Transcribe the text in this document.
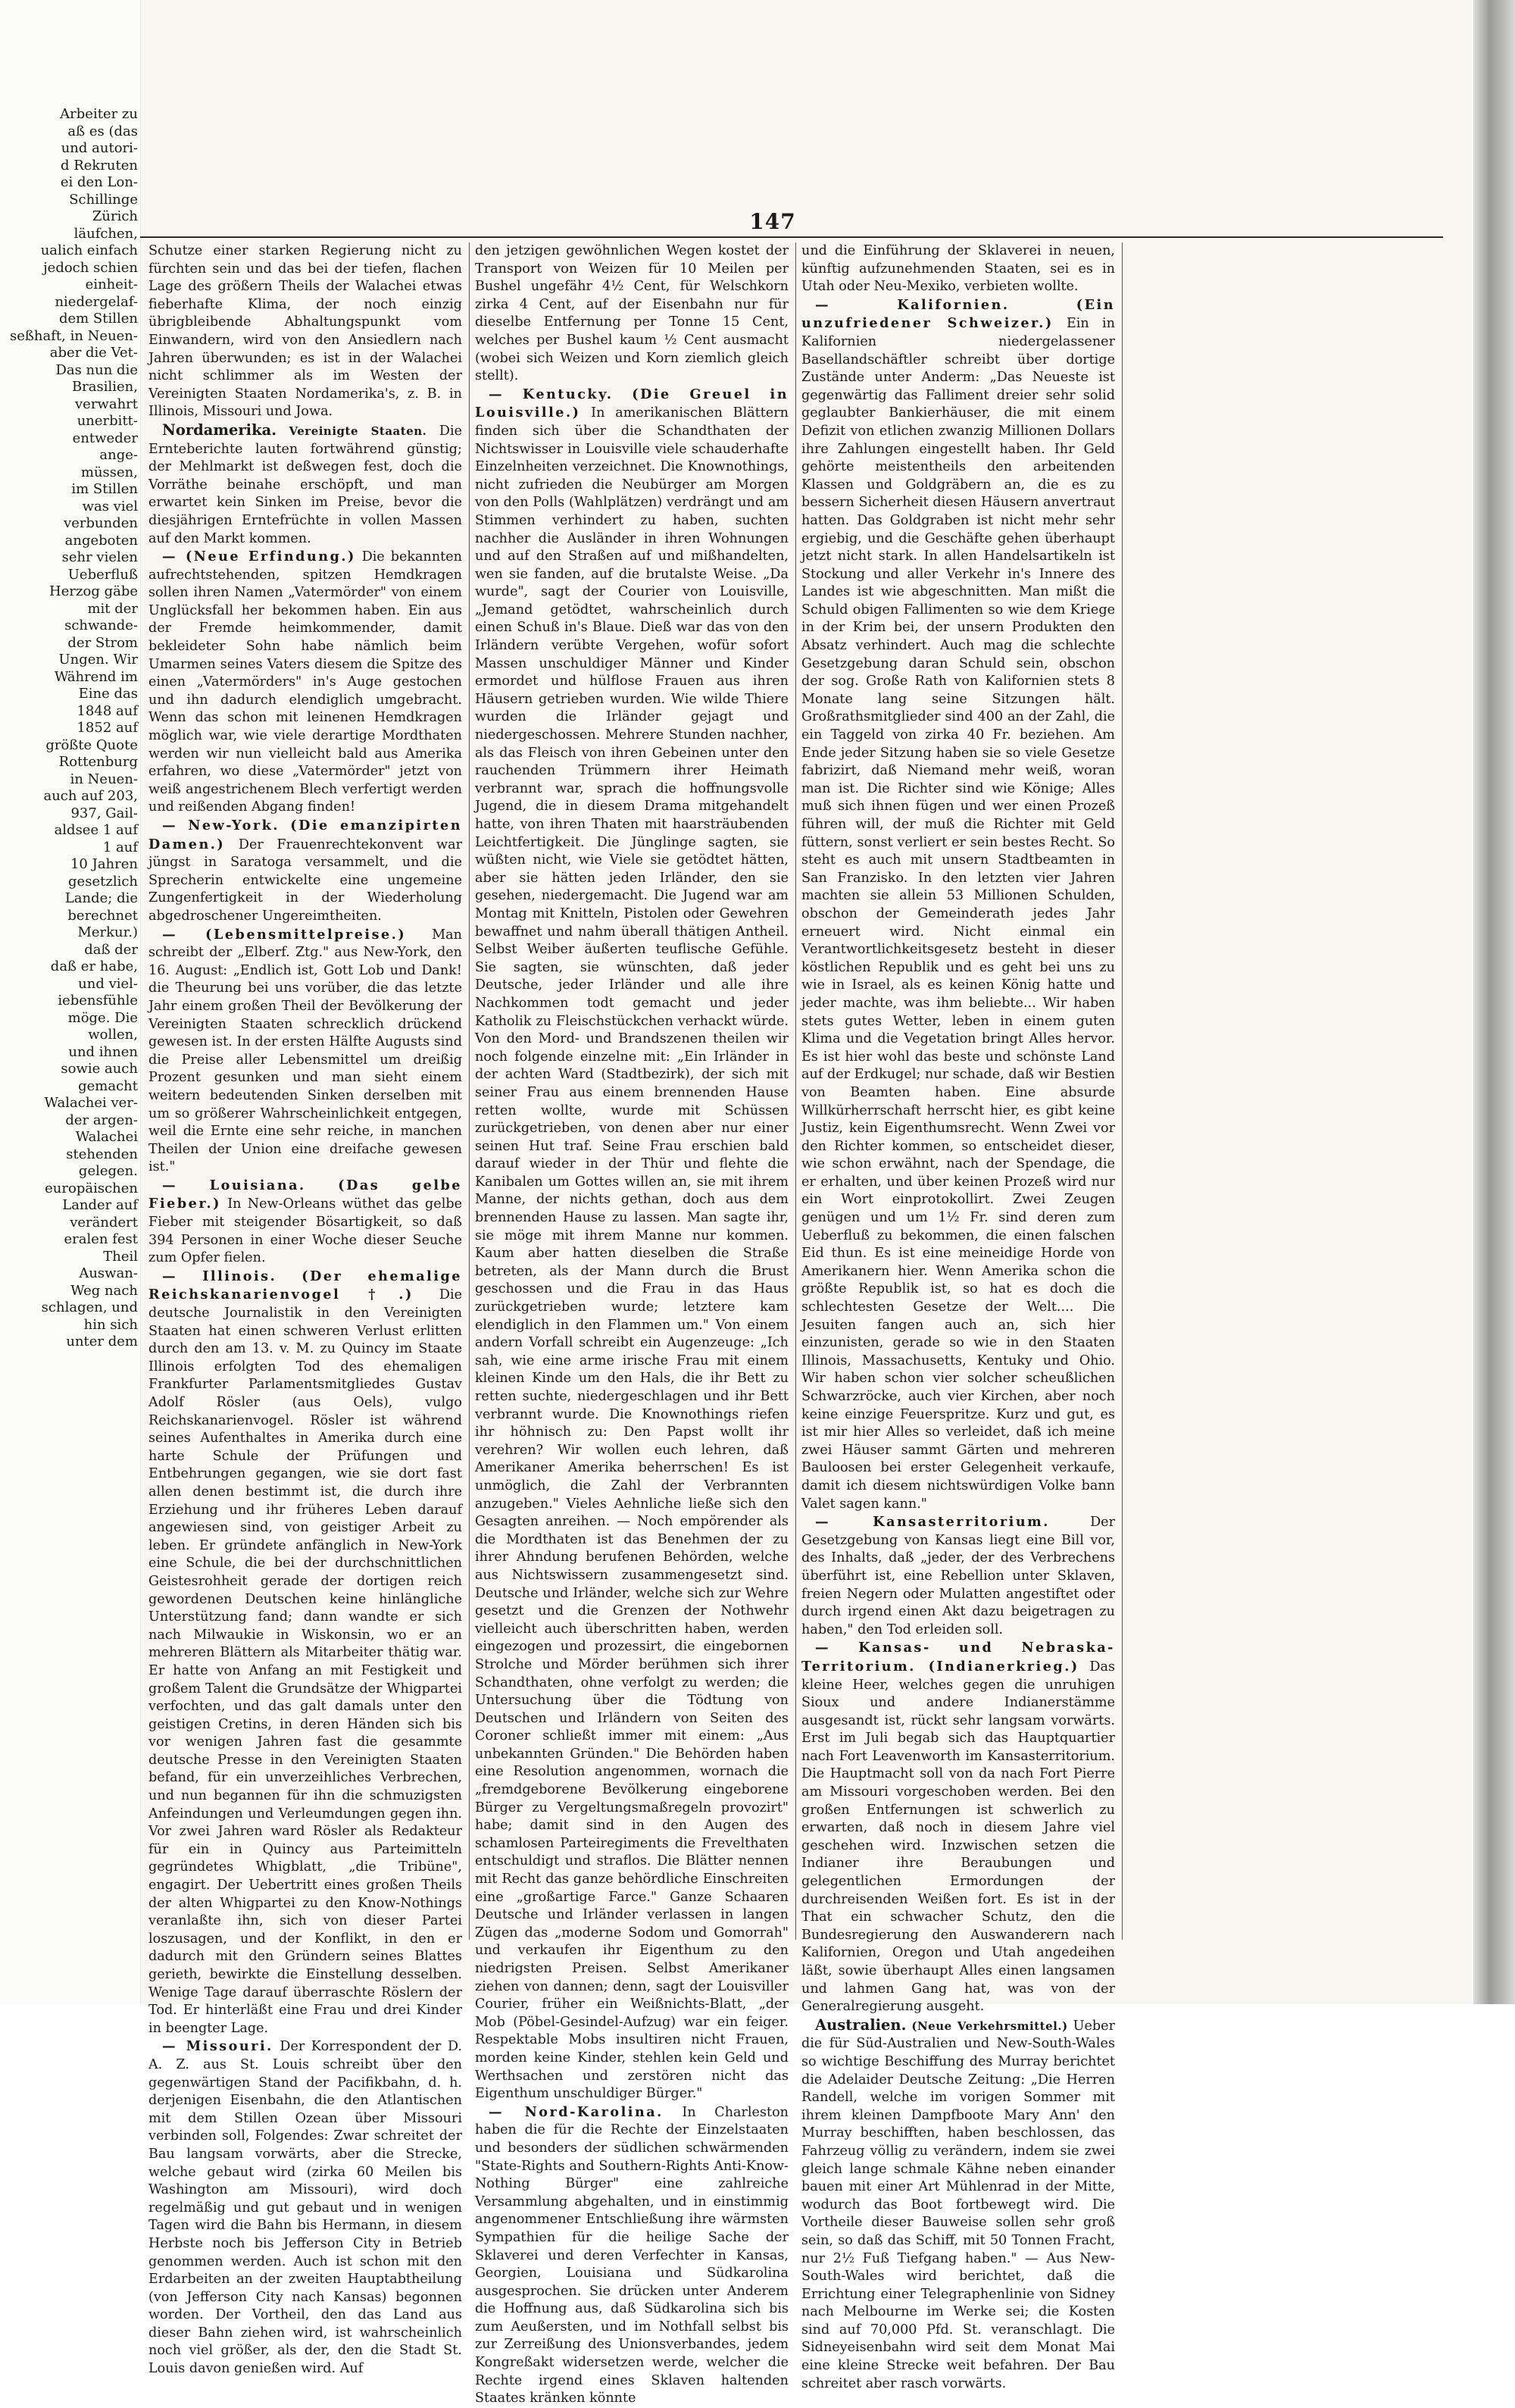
Arbeiter zu
aß es (das
und autori-
d Rekruten
ei den Lon-
Schillinge
Zürich
läufchen,
ualich einfach
jedoch schien
einheit-
niedergelaf-
dem Stillen
seßhaft, in Neuen-
aber die Vet-
Das nun die
Brasilien,
verwahrt
unerbitt-
entweder
ange-
müssen,
im Stillen
was viel
verbunden
angeboten
sehr vielen Ueberfluß
Herzog gäbe
mit der
schwande-
der Strom
Ungen. Wir
Während im
Eine das
1848 auf
1852 auf
größte Quote
Rottenburg
in Neuen-
auch auf 203,
937, Gail-
aldsee 1 auf
1 auf
10 Jahren
gesetzlich
Lande; die
berechnet
Merkur.)
daß der
daß er habe,
und viel-
iebensfühle
möge. Die
wollen,
und ihnen
sowie auch
gemacht
Walachei ver-
der argen-
Walachei
stehenden
gelegen.
europäischen
Lander auf
verändert
eralen fest
Theil
Auswan-
Weg nach
schlagen, und
hin sich
unter dem
147

Schutze einer starken Regierung nicht zu fürchten sein und das bei der tiefen, flachen Lage des größern Theils der Walachei etwas fieberhafte Klima, der noch einzig übrigbleibende Abhaltungspunkt vom Einwandern, wird von den Ansiedlern nach Jahren überwunden; es ist in der Walachei nicht schlimmer als im Westen der Vereinigten Staaten Nordamerika's, z. B. in Illinois, Missouri und Jowa.

Nordamerika. Vereinigte Staaten. Die Ernteberichte lauten fortwährend günstig; der Mehlmarkt ist deßwegen fest, doch die Vorräthe beinahe erschöpft, und man erwartet kein Sinken im Preise, bevor die diesjährigen Erntefrüchte in vollen Massen auf den Markt kommen.

— (Neue Erfindung.) Die bekannten aufrechtstehenden, spitzen Hemdkragen sollen ihren Namen „Vatermörder" von einem Unglücksfall her bekommen haben. Ein aus der Fremde heimkommender, damit bekleideter Sohn habe nämlich beim Umarmen seines Vaters diesem die Spitze des einen „Vatermörders" in's Auge gestochen und ihn dadurch elendiglich umgebracht. Wenn das schon mit leinenen Hemdkragen möglich war, wie viele derartige Mordthaten werden wir nun vielleicht bald aus Amerika erfahren, wo diese „Vatermörder" jetzt von weiß angestrichenem Blech verfertigt werden und reißenden Abgang finden!

— New-York. (Die emanzipirten Damen.) Der Frauenrechtekonvent war jüngst in Saratoga versammelt, und die Sprecherin entwickelte eine ungemeine Zungenfertigkeit in der Wiederholung abgedroschener Ungereimtheiten.

— (Lebensmittelpreise.) Man schreibt der „Elberf. Ztg." aus New-York, den 16. August: „Endlich ist, Gott Lob und Dank! die Theurung bei uns vorüber, die das letzte Jahr einem großen Theil der Bevölkerung der Vereinigten Staaten schrecklich drückend gewesen ist. In der ersten Hälfte Augusts sind die Preise aller Lebensmittel um dreißig Prozent gesunken und man sieht einem weitern bedeutenden Sinken derselben mit um so größerer Wahrscheinlichkeit entgegen, weil die Ernte eine sehr reiche, in manchen Theilen der Union eine dreifache gewesen ist."

— Louisiana. (Das gelbe Fieber.) In New-Orleans wüthet das gelbe Fieber mit steigender Bösartigkeit, so daß 394 Personen in einer Woche dieser Seuche zum Opfer fielen.

— Illinois. (Der ehemalige Reichskanarienvogel †.) Die deutsche Journalistik in den Vereinigten Staaten hat einen schweren Verlust erlitten durch den am 13. v. M. zu Quincy im Staate Illinois erfolgten Tod des ehemaligen Frankfurter Parlamentsmitgliedes Gustav Adolf Rösler (aus Oels), vulgo Reichskanarienvogel. Rösler ist während seines Aufenthaltes in Amerika durch eine harte Schule der Prüfungen und Entbehrungen gegangen, wie sie dort fast allen denen bestimmt ist, die durch ihre Erziehung und ihr früheres Leben darauf angewiesen sind, von geistiger Arbeit zu leben. Er gründete anfänglich in New-York eine Schule, die bei der durchschnittlichen Geistesrohheit gerade der dortigen reich gewordenen Deutschen keine hinlängliche Unterstützung fand; dann wandte er sich nach Milwaukie in Wiskonsin, wo er an mehreren Blättern als Mitarbeiter thätig war. Er hatte von Anfang an mit Festigkeit und großem Talent die Grundsätze der Whigpartei verfochten, und das galt damals unter den geistigen Cretins, in deren Händen sich bis vor wenigen Jahren fast die gesammte deutsche Presse in den Vereinigten Staaten befand, für ein unverzeihliches Verbrechen, und nun begannen für ihn die schmuzigsten Anfeindungen und Verleumdungen gegen ihn. Vor zwei Jahren ward Rösler als Redakteur für ein in Quincy aus Parteimitteln gegründetes Whigblatt, „die Tribüne", engagirt. Der Uebertritt eines großen Theils der alten Whigpartei zu den Know-Nothings veranlaßte ihn, sich von dieser Partei loszusagen, und der Konflikt, in den er dadurch mit den Gründern seines Blattes gerieth, bewirkte die Einstellung desselben. Wenige Tage darauf überraschte Röslern der Tod. Er hinterläßt eine Frau und drei Kinder in beengter Lage.

— Missouri. Der Korrespondent der D. A. Z. aus St. Louis schreibt über den gegenwärtigen Stand der Pacifikbahn, d. h. derjenigen Eisenbahn, die den Atlantischen mit dem Stillen Ozean über Missouri verbinden soll, Folgendes: Zwar schreitet der Bau langsam vorwärts, aber die Strecke, welche gebaut wird (zirka 60 Meilen bis Washington am Missouri), wird doch regelmäßig und gut gebaut und in wenigen Tagen wird die Bahn bis Hermann, in diesem Herbste noch bis Jefferson City in Betrieb genommen werden. Auch ist schon mit den Erdarbeiten an der zweiten Hauptabtheilung (von Jefferson City nach Kansas) begonnen worden. Der Vortheil, den das Land aus dieser Bahn ziehen wird, ist wahrscheinlich noch viel größer, als der, den die Stadt St. Louis davon genießen wird. Auf

den jetzigen gewöhnlichen Wegen kostet der Transport von Weizen für 10 Meilen per Bushel ungefähr 4½ Cent, für Welschkorn zirka 4 Cent, auf der Eisenbahn nur für dieselbe Entfernung per Tonne 15 Cent, welches per Bushel kaum ½ Cent ausmacht (wobei sich Weizen und Korn ziemlich gleich stellt).

— Kentucky. (Die Greuel in Louisville.) In amerikanischen Blättern finden sich über die Schandthaten der Nichtswisser in Louisville viele schauderhafte Einzelnheiten verzeichnet. Die Knownothings, nicht zufrieden die Neubürger am Morgen von den Polls (Wahlplätzen) verdrängt und am Stimmen verhindert zu haben, suchten nachher die Ausländer in ihren Wohnungen und auf den Straßen auf und mißhandelten, wen sie fanden, auf die brutalste Weise. „Da wurde", sagt der Courier von Louisville, „Jemand getödtet, wahrscheinlich durch einen Schuß in's Blaue. Dieß war das von den Irländern verübte Vergehen, wofür sofort Massen unschuldiger Männer und Kinder ermordet und hülflose Frauen aus ihren Häusern getrieben wurden. Wie wilde Thiere wurden die Irländer gejagt und niedergeschossen. Mehrere Stunden nachher, als das Fleisch von ihren Gebeinen unter den rauchenden Trümmern ihrer Heimath verbrannt war, sprach die hoffnungsvolle Jugend, die in diesem Drama mitgehandelt hatte, von ihren Thaten mit haarsträubenden Leichtfertigkeit. Die Jünglinge sagten, sie wüßten nicht, wie Viele sie getödtet hätten, aber sie hätten jeden Irländer, den sie gesehen, niedergemacht. Die Jugend war am Montag mit Knitteln, Pistolen oder Gewehren bewaffnet und nahm überall thätigen Antheil. Selbst Weiber äußerten teuflische Gefühle. Sie sagten, sie wünschten, daß jeder Deutsche, jeder Irländer und alle ihre Nachkommen todt gemacht und jeder Katholik zu Fleischstückchen verhackt würde. Von den Mord- und Brandszenen theilen wir noch folgende einzelne mit: „Ein Irländer in der achten Ward (Stadtbezirk), der sich mit seiner Frau aus einem brennenden Hause retten wollte, wurde mit Schüssen zurückgetrieben, von denen aber nur einer seinen Hut traf. Seine Frau erschien bald darauf wieder in der Thür und flehte die Kanibalen um Gottes willen an, sie mit ihrem Manne, der nichts gethan, doch aus dem brennenden Hause zu lassen. Man sagte ihr, sie möge mit ihrem Manne nur kommen. Kaum aber hatten dieselben die Straße betreten, als der Mann durch die Brust geschossen und die Frau in das Haus zurückgetrieben wurde; letztere kam elendiglich in den Flammen um." Von einem andern Vorfall schreibt ein Augenzeuge: „Ich sah, wie eine arme irische Frau mit einem kleinen Kinde um den Hals, die ihr Bett zu retten suchte, niedergeschlagen und ihr Bett verbrannt wurde. Die Knownothings riefen ihr höhnisch zu: Den Papst wollt ihr verehren? Wir wollen euch lehren, daß Amerikaner Amerika beherrschen! Es ist unmöglich, die Zahl der Verbrannten anzugeben." Vieles Aehnliche ließe sich den Gesagten anreihen. — Noch empörender als die Mordthaten ist das Benehmen der zu ihrer Ahndung berufenen Behörden, welche aus Nichtswissern zusammengesetzt sind. Deutsche und Irländer, welche sich zur Wehre gesetzt und die Grenzen der Nothwehr vielleicht auch überschritten haben, werden eingezogen und prozessirt, die eingebornen Strolche und Mörder berühmen sich ihrer Schandthaten, ohne verfolgt zu werden; die Untersuchung über die Tödtung von Deutschen und Irländern von Seiten des Coroner schließt immer mit einem: „Aus unbekannten Gründen." Die Behörden haben eine Resolution angenommen, wornach die „fremdgeborene Bevölkerung eingeborene Bürger zu Vergeltungsmaßregeln provozirt" habe; damit sind in den Augen des schamlosen Parteiregiments die Frevelthaten entschuldigt und straflos. Die Blätter nennen mit Recht das ganze behördliche Einschreiten eine „großartige Farce." Ganze Schaaren Deutsche und Irländer verlassen in langen Zügen das „moderne Sodom und Gomorrah" und verkaufen ihr Eigenthum zu den niedrigsten Preisen. Selbst Amerikaner ziehen von dannen; denn, sagt der Louisviller Courier, früher ein Weißnichts-Blatt, „der Mob (Pöbel-Gesindel-Aufzug) war ein feiger. Respektable Mobs insultiren nicht Frauen, morden keine Kinder, stehlen kein Geld und Werthsachen und zerstören nicht das Eigenthum unschuldiger Bürger."

— Nord-Karolina. In Charleston haben die für die Rechte der Einzelstaaten und besonders der südlichen schwärmenden "State-Rights and Southern-Rights Anti-Know-Nothing Bürger" eine zahlreiche Versammlung abgehalten, und in einstimmig angenommener Entschließung ihre wärmsten Sympathien für die heilige Sache der Sklaverei und deren Verfechter in Kansas, Georgien, Louisiana und Südkarolina ausgesprochen. Sie drücken unter Anderem die Hoffnung aus, daß Südkarolina sich bis zum Aeußersten, und im Nothfall selbst bis zur Zerreißung des Unionsverbandes, jedem Kongreßakt widersetzen werde, welcher die Rechte irgend eines Sklaven haltenden Staates kränken könnte

und die Einführung der Sklaverei in neuen, künftig aufzunehmenden Staaten, sei es in Utah oder Neu-Mexiko, verbieten wollte.

— Kalifornien. (Ein unzufriedener Schweizer.) Ein in Kalifornien niedergelassener Basellandschäftler schreibt über dortige Zustände unter Anderm: „Das Neueste ist gegenwärtig das Falliment dreier sehr solid geglaubter Bankierhäuser, die mit einem Defizit von etlichen zwanzig Millionen Dollars ihre Zahlungen eingestellt haben. Ihr Geld gehörte meistentheils den arbeitenden Klassen und Goldgräbern an, die es zu bessern Sicherheit diesen Häusern anvertraut hatten. Das Goldgraben ist nicht mehr sehr ergiebig, und die Geschäfte gehen überhaupt jetzt nicht stark. In allen Handelsartikeln ist Stockung und aller Verkehr in's Innere des Landes ist wie abgeschnitten. Man mißt die Schuld obigen Fallimenten so wie dem Kriege in der Krim bei, der unsern Produkten den Absatz verhindert. Auch mag die schlechte Gesetzgebung daran Schuld sein, obschon der sog. Große Rath von Kalifornien stets 8 Monate lang seine Sitzungen hält. Großrathsmitglieder sind 400 an der Zahl, die ein Taggeld von zirka 40 Fr. beziehen. Am Ende jeder Sitzung haben sie so viele Gesetze fabrizirt, daß Niemand mehr weiß, woran man ist. Die Richter sind wie Könige; Alles muß sich ihnen fügen und wer einen Prozeß führen will, der muß die Richter mit Geld füttern, sonst verliert er sein bestes Recht. So steht es auch mit unsern Stadtbeamten in San Franzisko. In den letzten vier Jahren machten sie allein 53 Millionen Schulden, obschon der Gemeinderath jedes Jahr erneuert wird. Nicht einmal ein Verantwortlichkeitsgesetz besteht in dieser köstlichen Republik und es geht bei uns zu wie in Israel, als es keinen König hatte und jeder machte, was ihm beliebte... Wir haben stets gutes Wetter, leben in einem guten Klima und die Vegetation bringt Alles hervor. Es ist hier wohl das beste und schönste Land auf der Erdkugel; nur schade, daß wir Bestien von Beamten haben. Eine absurde Willkürherrschaft herrscht hier, es gibt keine Justiz, kein Eigenthumsrecht. Wenn Zwei vor den Richter kommen, so entscheidet dieser, wie schon erwähnt, nach der Spendage, die er erhalten, und über keinen Prozeß wird nur ein Wort einprotokollirt. Zwei Zeugen genügen und um 1½ Fr. sind deren zum Ueberfluß zu bekommen, die einen falschen Eid thun. Es ist eine meineidige Horde von Amerikanern hier. Wenn Amerika schon die größte Republik ist, so hat es doch die schlechtesten Gesetze der Welt.... Die Jesuiten fangen auch an, sich hier einzunisten, gerade so wie in den Staaten Illinois, Massachusetts, Kentuky und Ohio. Wir haben schon vier solcher scheußlichen Schwarzröcke, auch vier Kirchen, aber noch keine einzige Feuerspritze. Kurz und gut, es ist mir hier Alles so verleidet, daß ich meine zwei Häuser sammt Gärten und mehreren Bauloosen bei erster Gelegenheit verkaufe, damit ich diesem nichtswürdigen Volke bann Valet sagen kann."

— Kansasterritorium.	Der Gesetzgebung von Kansas liegt eine Bill vor, des Inhalts, daß „jeder, der des Verbrechens überführt ist, eine Rebellion unter Sklaven, freien Negern oder Mulatten angestiftet oder durch irgend einen Akt dazu beigetragen zu haben," den Tod erleiden soll.

— Kansas- und Nebraska-Territorium. (Indianerkrieg.) Das kleine Heer, welches gegen die unruhigen Sioux und andere Indianerstämme ausgesandt ist, rückt sehr langsam vorwärts. Erst im Juli begab sich das Hauptquartier nach Fort Leavenworth im Kansasterritorium. Die Hauptmacht soll von da nach Fort Pierre am Missouri vorgeschoben werden. Bei den großen Entfernungen ist schwerlich zu erwarten, daß noch in diesem Jahre viel geschehen wird. Inzwischen setzen die Indianer ihre Beraubungen und gelegentlichen Ermordungen der durchreisenden Weißen fort. Es ist in der That ein schwacher Schutz, den die Bundesregierung den Auswanderern nach Kalifornien, Oregon und Utah angedeihen läßt, sowie überhaupt Alles einen langsamen und lahmen Gang hat, was von der Generalregierung ausgeht.

Australien. (Neue Verkehrsmittel.) Ueber die für Süd-Australien und New-South-Wales so wichtige Beschiffung des Murray berichtet die Adelaider Deutsche Zeitung: „Die Herren Randell, welche im vorigen Sommer mit ihrem kleinen Dampfboote Mary Ann' den Murray beschifften, haben beschlossen, das Fahrzeug völlig zu verändern, indem sie zwei gleich lange schmale Kähne neben einander bauen mit einer Art Mühlenrad in der Mitte, wodurch das Boot fortbewegt wird. Die Vortheile dieser Bauweise sollen sehr groß sein, so daß das Schiff, mit 50 Tonnen Fracht, nur 2½ Fuß Tiefgang haben." — Aus New-South-Wales wird berichtet, daß die Errichtung einer Telegraphenlinie von Sidney nach Melbourne im Werke sei; die Kosten sind auf 70,000 Pfd. St. veranschlagt. Die Sidneyeisenbahn wird seit dem Monat Mai eine kleine Strecke weit befahren. Der Bau schreitet aber rasch vorwärts.
